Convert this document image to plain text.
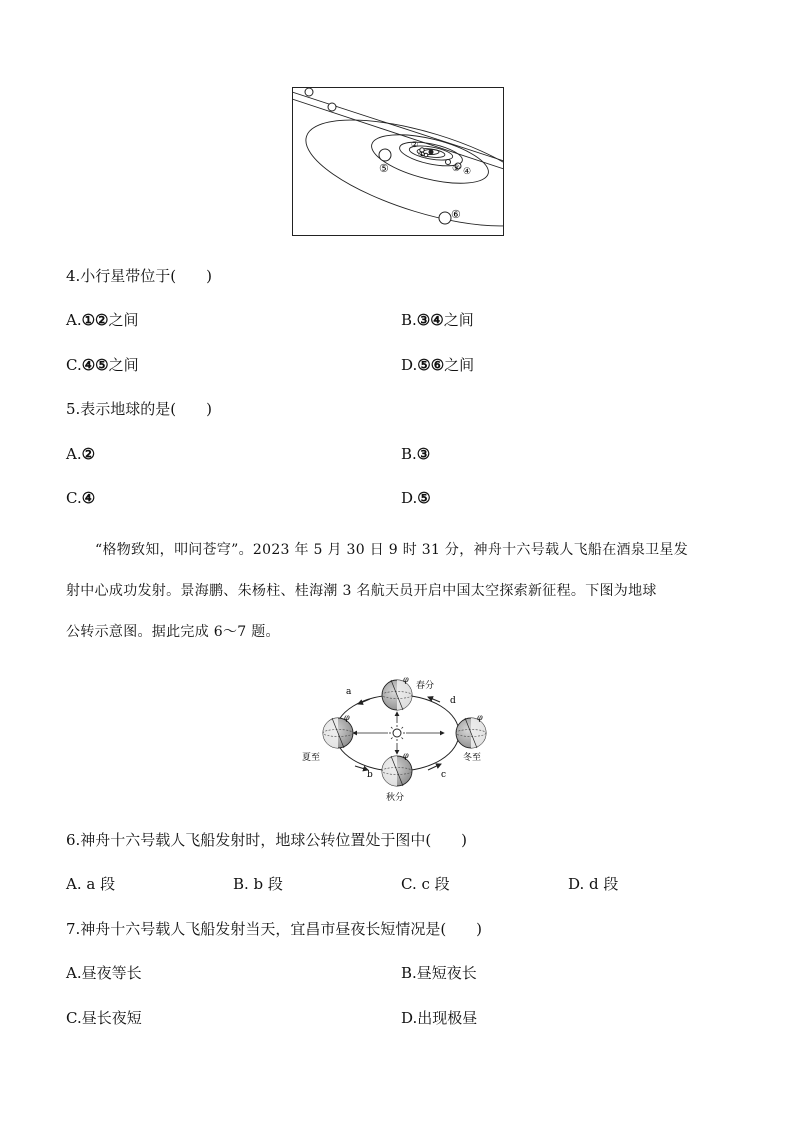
①
②
③ ④
⑤
⑥
4.小行星带位于(　　)
A.①②之间	B.③④之间
C.④⑤之间	D.⑤⑥之间
5.表示地球的是(　　)
A.②	B.③
C.④	D.⑤
“格物致知，叩问苍穹”。2023 年 5 月 30 日 9 时 31 分，神舟十六号载人飞船在酒泉卫星发
射中心成功发射。景海鹏、朱杨柱、桂海潮 3 名航天员开启中国太空探索新征程。下图为地球
公转示意图。据此完成 6～7 题。
φ
φ	φ
φ
春分
夏至	冬至
秋分
a
b	c
d
6.神舟十六号载人飞船发射时，地球公转位置处于图中(　　)
A. a 段	B. b 段	C. c 段	D. d 段
7.神舟十六号载人飞船发射当天，宜昌市昼夜长短情况是(　　)
A.昼夜等长	B.昼短夜长
C.昼长夜短	D.出现极昼
